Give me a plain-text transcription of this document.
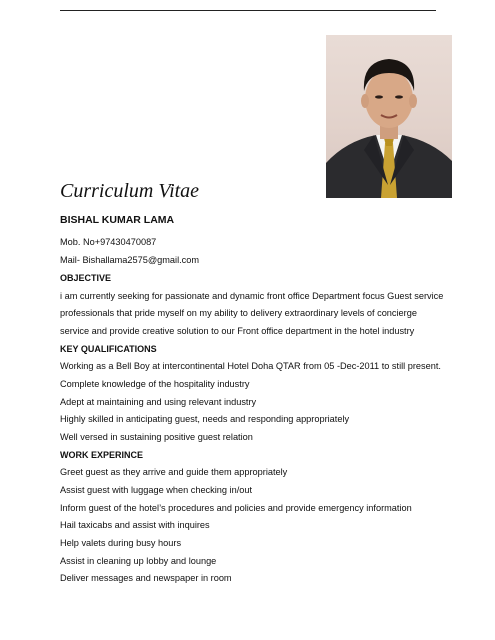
Curriculum Vitae
BISHAL KUMAR LAMA
Mob. No+97430470087
Mail- Bishallama2575@gmail.com
OBJECTIVE
i am currently seeking for passionate and dynamic front office Department focus Guest service
professionals that pride myself on my ability to delivery extraordinary levels of concierge
service and provide creative solution to our Front office department in the hotel industry
KEY QUALIFICATIONS
Working as a Bell Boy at intercontinental Hotel Doha QTAR from 05 -Dec-2011 to still present.
Complete knowledge of the hospitality industry
Adept at maintaining and using relevant industry
Highly skilled in anticipating guest, needs and responding appropriately
Well versed in sustaining positive guest relation
WORK EXPERINCE
Greet guest as they arrive and guide them appropriately
Assist guest with luggage when checking in/out
Inform guest of the hotel’s procedures and policies and provide emergency information
Hail taxicabs and assist with inquires
Help valets during busy hours
Assist in cleaning up lobby and lounge
Deliver messages and newspaper in room
